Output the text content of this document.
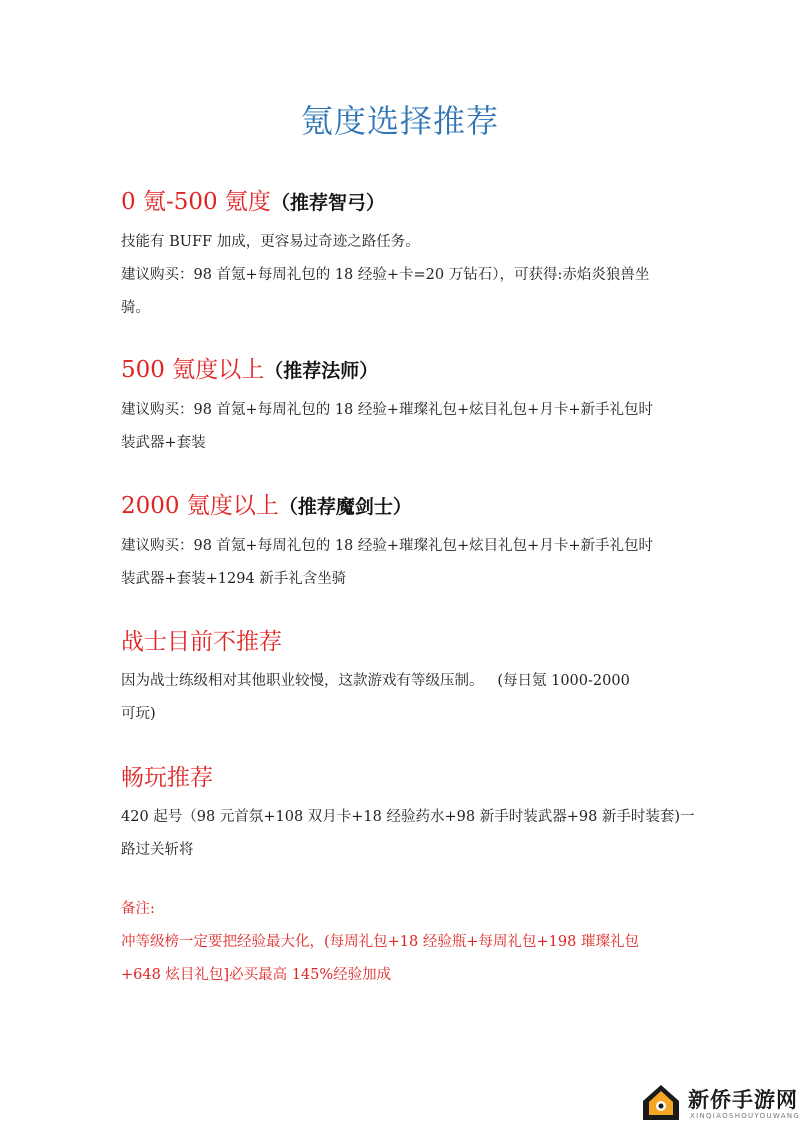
氪度选择推荐
0 氪-500 氪度（推荐智弓）

技能有 BUFF 加成，更容易过奇迹之路任务。

建议购买：98 首氪+每周礼包的 18 经验+卡=20 万钻石），可获得:赤焰炎狼兽坐

骑。

500 氪度以上（推荐法师）

建议购买：98 首氪+每周礼包的 18 经验+璀璨礼包+炫目礼包+月卡+新手礼包时

装武器+套装

2000 氪度以上（推荐魔剑士）

建议购买：98 首氪+每周礼包的 18 经验+璀璨礼包+炫目礼包+月卡+新手礼包时

装武器+套装+1294 新手礼含坐骑

战士目前不推荐

因为战士练级相对其他职业较慢，这款游戏有等级压制。   (每日氪 1000-2000

可玩)

畅玩推荐

420 起号（98 元首氛+108 双月卡+18 经验药水+98 新手时装武器+98 新手时装套)一

路过关斩将

备注:

冲等级榜一定要把经验最大化，(每周礼包+18 经验瓶+每周礼包+198 璀璨礼包

+648 炫目礼包]必买最高 145%经验加成

新侨手游网
XINQIAOSHOUYOUWANG
